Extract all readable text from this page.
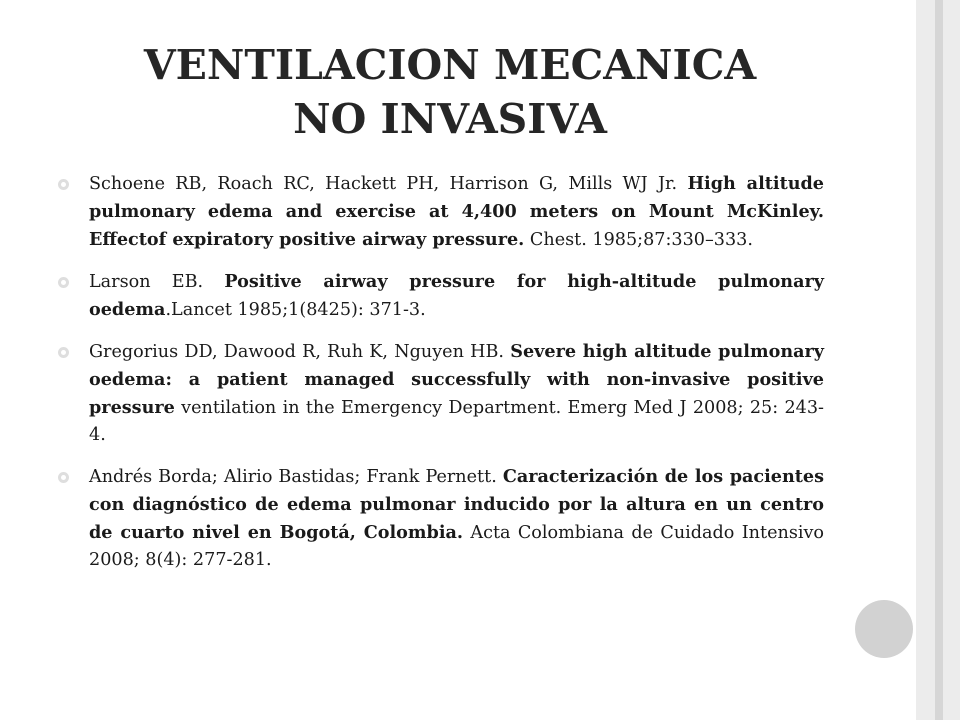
VENTILACION MECANICA
NO INVASIVA
Schoene RB, Roach RC, Hackett PH, Harrison G, Mills WJ Jr. High altitude pulmonary edema and exercise at 4,400 meters on Mount McKinley. Effectof expiratory positive airway pressure. Chest. 1985;87:330–333.
Larson EB. Positive airway pressure for high-altitude pulmonary oedema.Lancet 1985;1(8425): 371-3.
Gregorius DD, Dawood R, Ruh K, Nguyen HB. Severe high altitude pulmonary oedema: a patient managed successfully with non-invasive positive pressure ventilation in the Emergency Department. Emerg Med J 2008; 25: 243-4.
Andrés Borda; Alirio Bastidas; Frank Pernett. Caracterización de los pacientes con diagnóstico de edema pulmonar inducido por la altura en un centro de cuarto nivel en Bogotá, Colombia. Acta Colombiana de Cuidado Intensivo 2008; 8(4): 277-281.
